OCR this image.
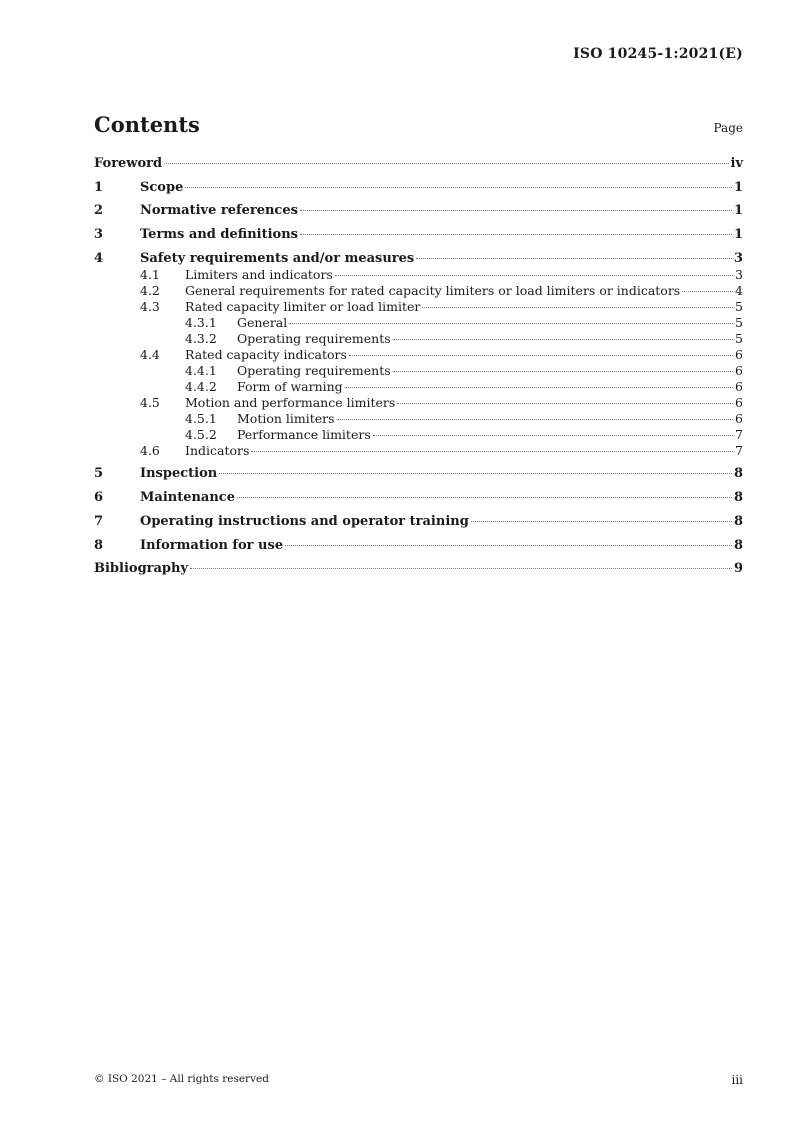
ISO 10245-1:2021(E)
Contents	Page
Foreword	iv
1	Scope	1
2	Normative references	1
3	Terms and definitions	1
4	Safety requirements and/or measures	3
4.1	Limiters and indicators	3
4.2	General requirements for rated capacity limiters or load limiters or indicators	4
4.3	Rated capacity limiter or load limiter	5
4.3.1	General	5
4.3.2	Operating requirements	5
4.4	Rated capacity indicators	6
4.4.1	Operating requirements	6
4.4.2	Form of warning	6
4.5	Motion and performance limiters	6
4.5.1	Motion limiters	6
4.5.2	Performance limiters	7
4.6	Indicators	7
5	Inspection	8
6	Maintenance	8
7	Operating instructions and operator training	8
8	Information for use	8
Bibliography	9
© ISO 2021 – All rights reserved	iii
